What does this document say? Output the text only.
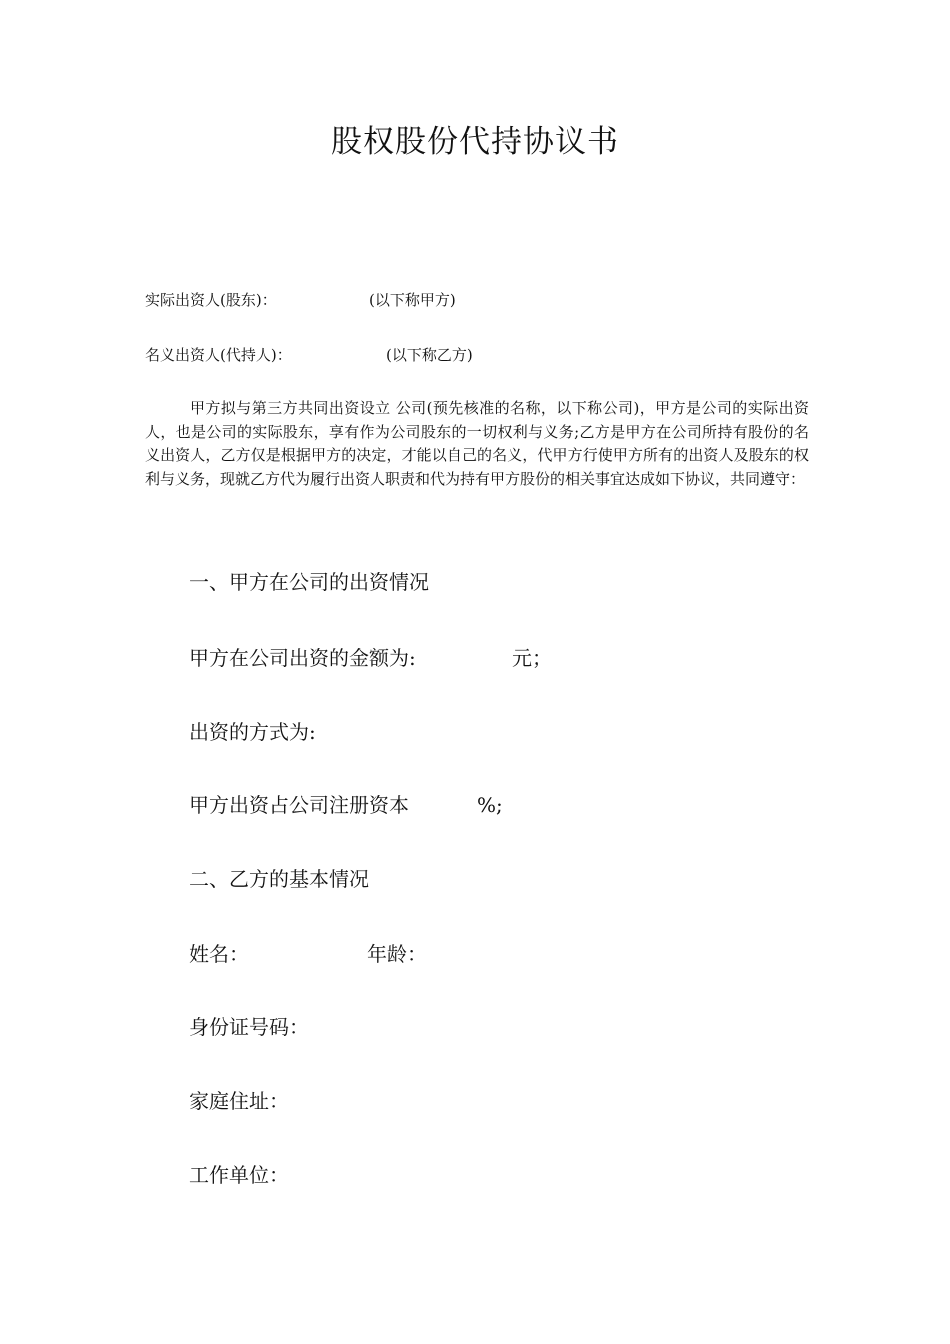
股权股份代持协议书
实际出资人(股东)：	(以下称甲方)
名义出资人(代持人)：	(以下称乙方)
甲方拟与第三方共同出资设立 公司(预先核准的名称，以下称公司)，甲方是公司的实际出资人，也是公司的实际股东，享有作为公司股东的一切权利与义务;乙方是甲方在公司所持有股份的名义出资人，乙方仅是根据甲方的决定，才能以自己的名义，代甲方行使甲方所有的出资人及股东的权利与义务，现就乙方代为履行出资人职责和代为持有甲方股份的相关事宜达成如下协议，共同遵守：
一、甲方在公司的出资情况
甲方在公司出资的金额为:	元；
出资的方式为:
甲方出资占公司注册资本	%;
二、乙方的基本情况
姓名：	年龄：
身份证号码：
家庭住址：
工作单位：
